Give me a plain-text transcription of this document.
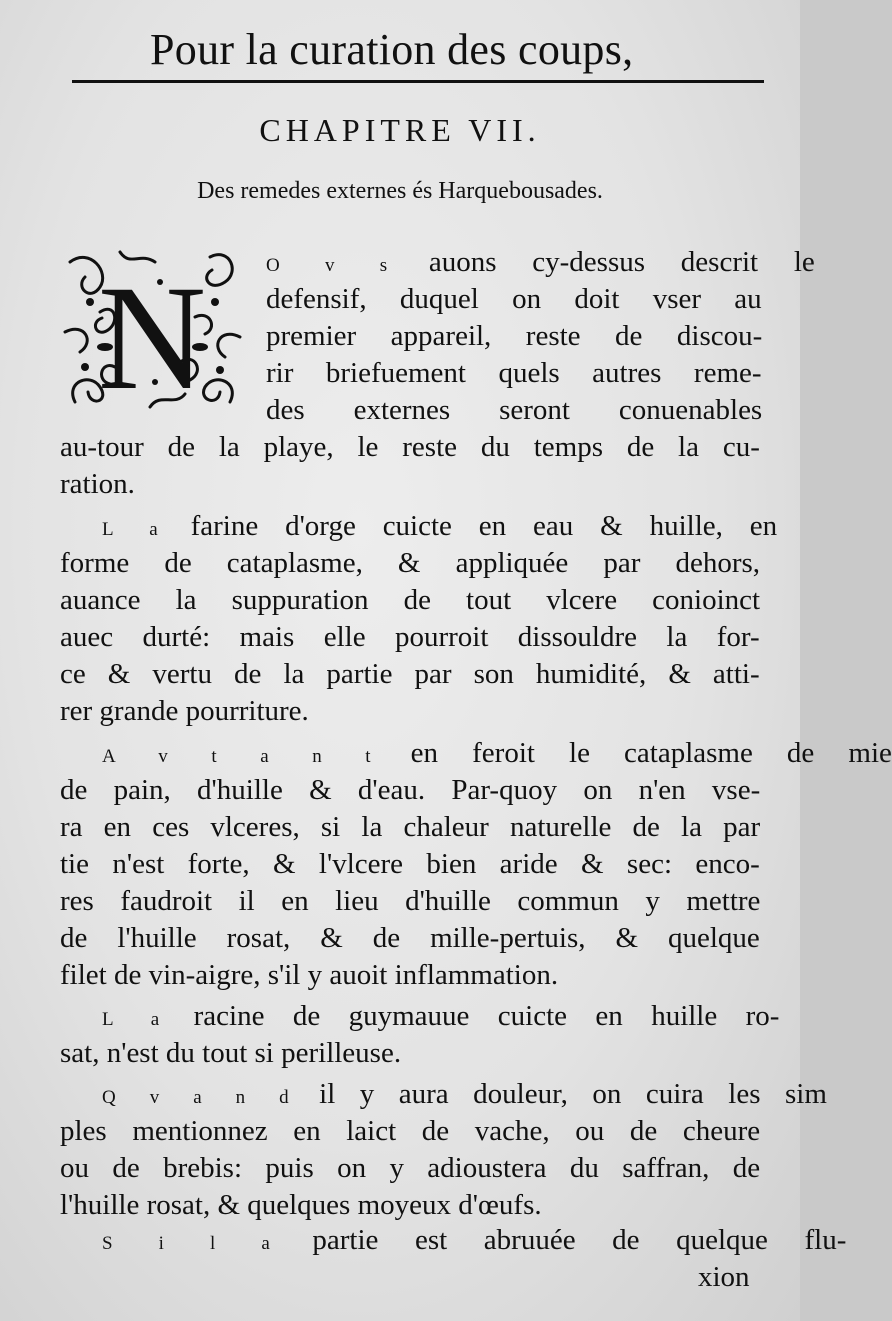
Pour la curation des coups,
CHAPITRE VII.
Des remedes externes és Harquebousades.
N	O v s auons cy-dessus descrit le
defensif, duquel on doit vser au
premier appareil, reste de discou-
rir briefuement quels autres reme-
des externes seront conuenables
au-tour de la playe, le reste du temps de la cu-
ration.
L a farine d'orge cuicte en eau & huille, en
forme de cataplasme, & appliquée par dehors,
auance la suppuration de tout vlcere conioinct
auec durté: mais elle pourroit dissouldre la for-
ce & vertu de la partie par son humidité, & atti-
rer grande pourriture.
A v t a n t en feroit le cataplasme de mie
de pain, d'huille & d'eau. Par-quoy on n'en vse-
ra en ces vlceres, si la chaleur naturelle de la par
tie n'est forte, & l'vlcere bien aride & sec: enco-
res faudroit il en lieu d'huille commun y mettre
de l'huille rosat, & de mille-pertuis, & quelque
filet de vin-aigre, s'il y auoit inflammation.
L a racine de guymauue cuicte en huille ro-
sat, n'est du tout si perilleuse.
Q v a n d il y aura douleur, on cuira les sim
ples mentionnez en laict de vache, ou de cheure
ou de brebis: puis on y adioustera du saffran, de
l'huille rosat, & quelques moyeux d'œufs.
S i l a partie est abruuée de quelque flu-
xion
